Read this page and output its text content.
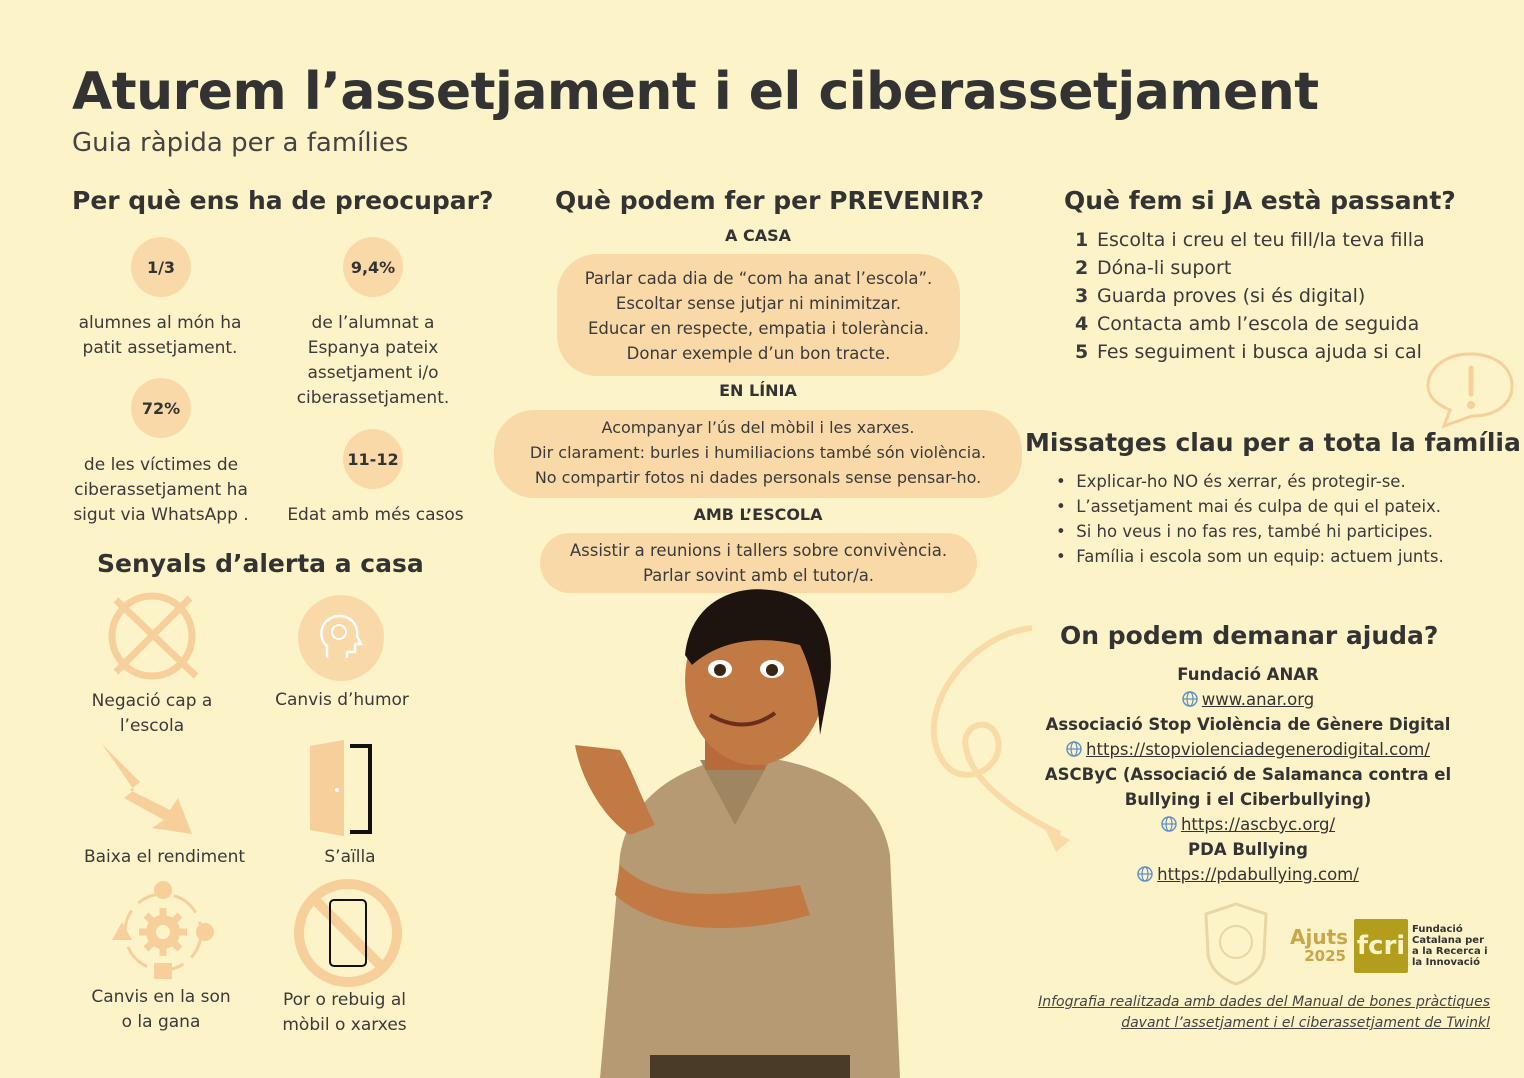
Aturem l’assetjament i el ciberassetjament
Guia ràpida per a famílies
Per què ens ha de preocupar?
1/3
alumnes al món ha patit assetjament.
9,4%
de l’alumnat a Espanya pateix assetjament i/o ciberassetjament.
72%
de les víctimes de ciberassetjament ha sigut via WhatsApp .
11-12
Edat amb més casos
Senyals d’alerta a casa
Negació cap a l’escola
Canvis d’humor
Baixa el rendiment	S’aïlla
Canvis en la son o la gana
Por o rebuig al mòbil o xarxes
Què podem fer per PREVENIR?
A CASA
Parlar cada dia de “com ha anat l’escola”.
Escoltar sense jutjar ni minimitzar.
Educar en respecte, empatia i tolerància.
Donar exemple d’un bon tracte.
EN LÍNIA
Acompanyar l’ús del mòbil i les xarxes.
Dir clarament: burles i humiliacions també són violència.
No compartir fotos ni dades personals sense pensar-ho.
AMB L’ESCOLA
Assistir a reunions i tallers sobre convivència.
Parlar sovint amb el tutor/a.
Què fem si JA està passant?
1 Escolta i creu el teu fill/la teva filla
2 Dóna-li suport
3 Guarda proves (si és digital)
4 Contacta amb l’escola de seguida
5 Fes seguiment i busca ajuda si cal
Missatges clau per a tota la família
•  Explicar-ho NO és xerrar, és protegir-se.
•  L’assetjament mai és culpa de qui el pateix.
•  Si ho veus i no fas res, també hi participes.
•  Família i escola som un equip: actuem junts.
On podem demanar ajuda?
Fundació ANAR
www.anar.org
Associació Stop Violència de Gènere Digital
https://stopviolenciadegenerodigital.com/
ASCByC (Associació de Salamanca contra el Bullying i el Ciberbullying)
https://ascbyc.org/
PDA Bullying
https://pdabullying.com/
Ajuts
2025 fcri
Fundació Catalana per a la Recerca i la Innovació
Infografia realitzada amb dades del Manual de bones pràctiques
davant l’assetjament i el ciberassetjament de Twinkl
